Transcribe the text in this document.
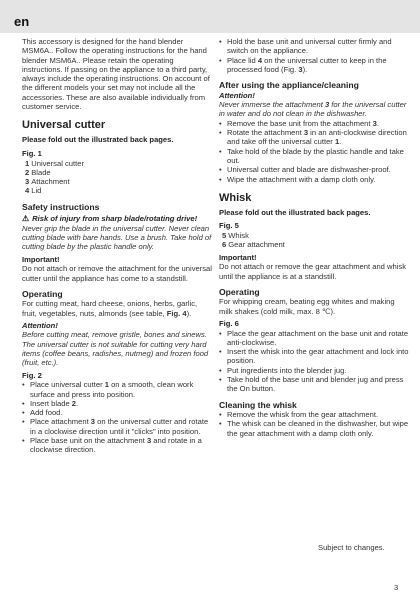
en

This accessory is designed for the hand blender MSM6A.. Follow the operating instructions for the hand blender MSM6A.. Please retain the operating instructions. If passing on the appliance to a third party, always include the operating instructions. On account of the different models your set may not include all the accessories. These are also available individually from customer service.

Universal cutter

Please fold out the illustrated back pages.

Fig. 1

1 Universal cutter
2 Blade
3 Attachment
4 Lid

Safety instructions

⚠ Risk of injury from sharp blade/rotating drive!

Never grip the blade in the universal cutter. Never clean cutting blade with bare hands. Use a brush. Take hold of cutting blade by the plastic handle only.

Important!

Do not attach or remove the attachment for the universal cutter until the appliance has come to a standstill.

Operating

For cutting meat, hard cheese, onions, herbs, garlic, fruit, vegetables, nuts, almonds (see table, Fig. 4).

Attention!

Before cutting meat, remove gristle, bones and sinews. The universal cutter is not suitable for cutting very hard items (coffee beans, radishes, nutmeg) and frozen food (fruit, etc.).

Fig. 2

• Place universal cutter 1 on a smooth, clean work surface and press into position.
• Insert blade 2.
• Add food.
• Place attachment 3 on the universal cutter and rotate in a clockwise direction until it "clicks" into position.
• Place base unit on the attachment 3 and rotate in a clockwise direction.
• Hold the base unit and universal cutter firmly and switch on the appliance.
• Place lid 4 on the universal cutter to keep in the processed food (Fig. 3).

After using the appliance/cleaning

Attention!

Never immerse the attachment 3 for the universal cutter in water and do not clean in the dishwasher.

• Remove the base unit from the attachment 3.
• Rotate the attachment 3 in an anti-clockwise direction and take off the universal cutter 1.
• Take hold of the blade by the plastic handle and take out.
• Universal cutter and blade are dishwasher-proof.
• Wipe the attachment with a damp cloth only.

Whisk

Please fold out the illustrated back pages.

Fig. 5

5 Whisk
6 Gear attachment

Important!

Do not attach or remove the gear attachment and whisk until the appliance is at a standstill.

Operating

For whipping cream, beating egg whites and making milk shakes (cold milk, max. 8 ℃).

Fig. 6

• Place the gear attachment on the base unit and rotate anti-clockwise.
• Insert the whisk into the gear attachment and lock into position.
• Put ingredients into the blender jug.
• Take hold of the base unit and blender jug and press the On button.

Cleaning the whisk

• Remove the whisk from the gear attachment.
• The whisk can be cleaned in the dishwasher, but wipe the gear attachment with a damp cloth only.
Subject to changes.
3
